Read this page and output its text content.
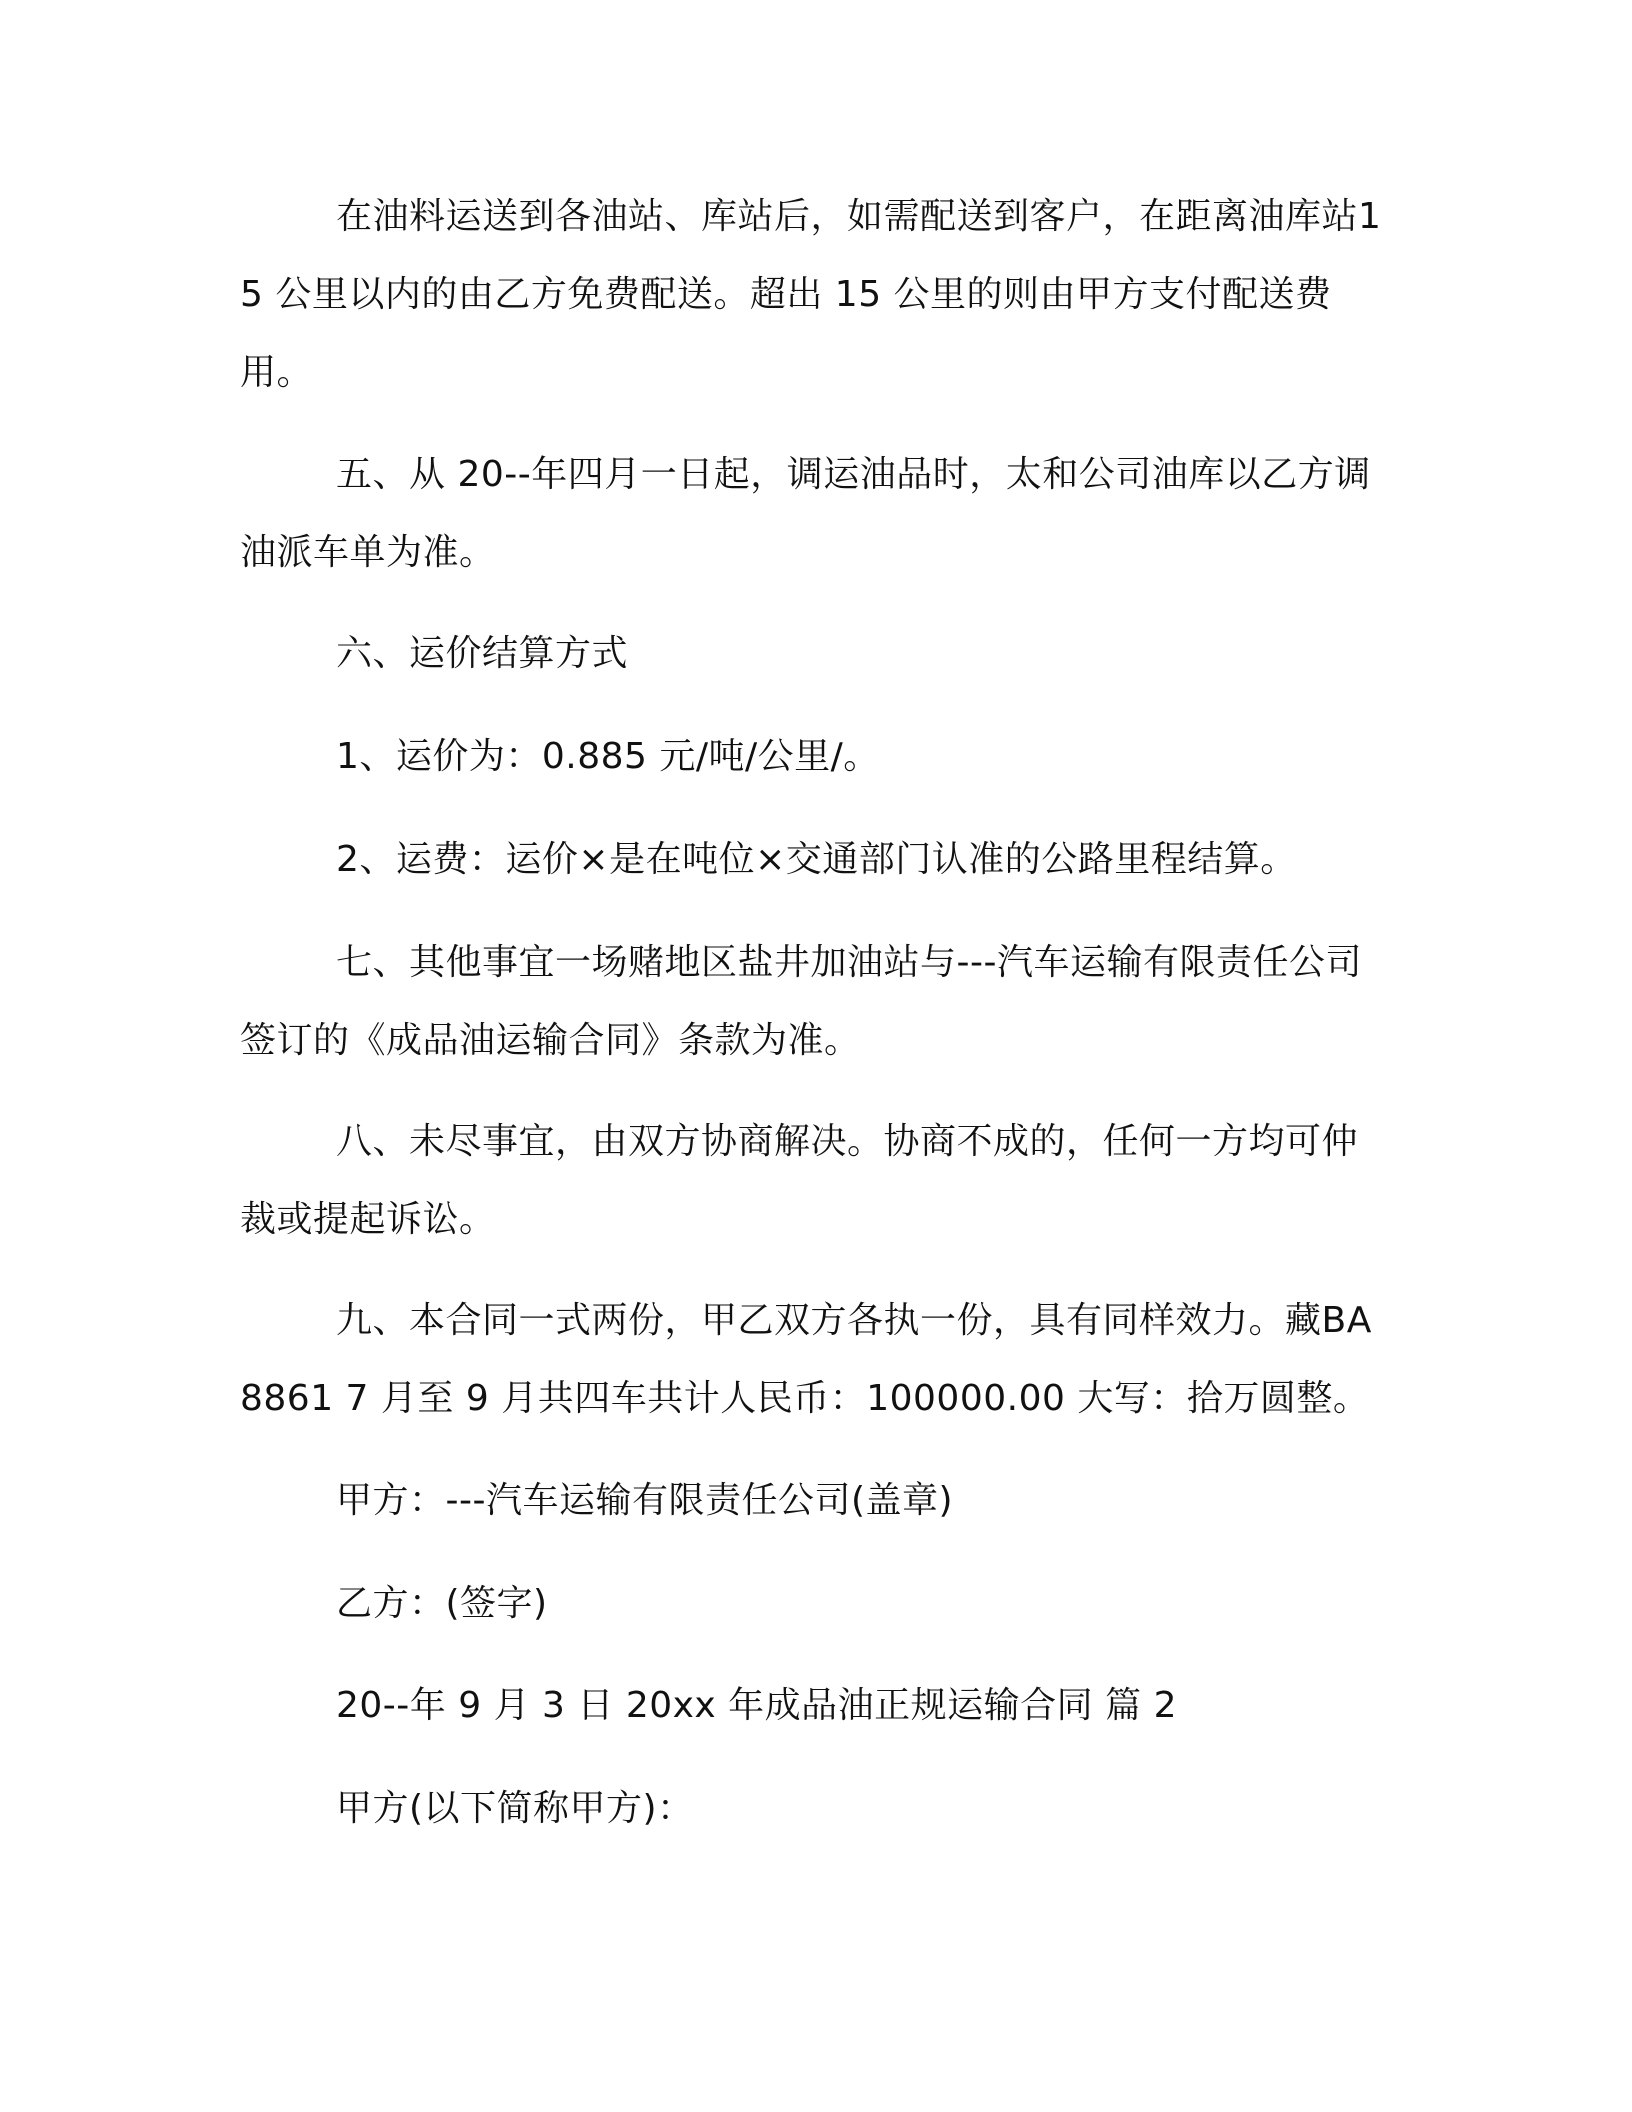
在油料运送到各油站、库站后，如需配送到客户，在距离油库站15 公里以内的由乙方免费配送。超出 15 公里的则由甲方支付配送费用。

五、从 20--年四月一日起，调运油品时，太和公司油库以乙方调油派车单为准。

六、运价结算方式

1、运价为：0.885 元/吨/公里/。

2、运费：运价×是在吨位×交通部门认准的公路里程结算。

七、其他事宜一场赌地区盐井加油站与---汽车运输有限责任公司签订的《成品油运输合同》条款为准。

八、未尽事宜，由双方协商解决。协商不成的，任何一方均可仲裁或提起诉讼。

九、本合同一式两份，甲乙双方各执一份，具有同样效力。藏BA8861 7 月至 9 月共四车共计人民币：100000.00 大写：拾万圆整。

甲方：---汽车运输有限责任公司(盖章)

乙方：(签字)

20--年 9 月 3 日 20xx 年成品油正规运输合同 篇 2

甲方(以下简称甲方)：
